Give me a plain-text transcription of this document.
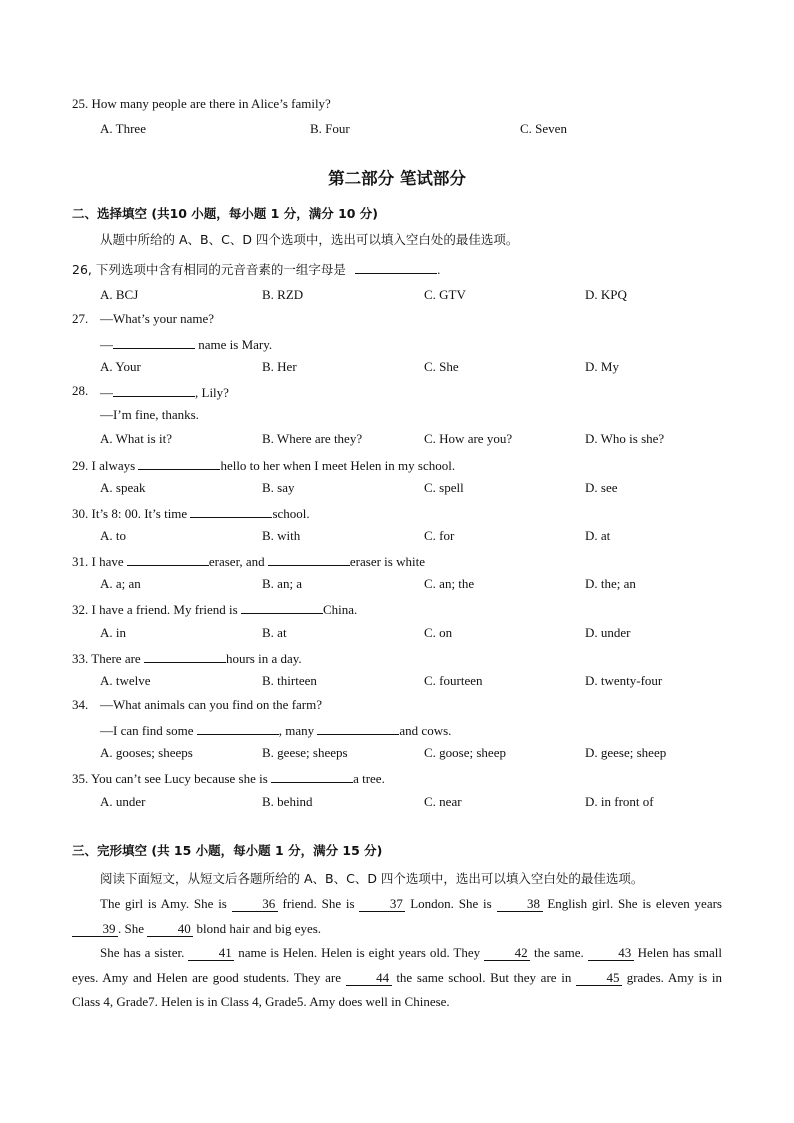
25. How many people are there in Alice’s family?
A. Three	B. Four	C. Seven
第二部分 笔试部分
二、选择填空 (共10 小题，每小题 1 分，满分 10 分)
从题中所给的 A、B、C、D 四个选项中，选出可以填入空白处的最佳选项。
26, 下列选项中含有相同的元音音素的一组字母是	.
A. BCJ	B. RZD	C. GTV	D. KPQ
27. —What’s your name?
—	name is Mary.
A. Your	B. Her	C. She	D. My
28. —	, Lily?
—I’m fine, thanks.
A. What is it?	B. Where are they?	C. How are you?	D. Who is she?
29. I always	hello to her when I meet Helen in my school.
A. speak	B. say	C. spell	D. see
30. It’s 8: 00. It’s time	school.
A. to	B. with	C. for	D. at
31. I have	eraser, and	eraser is white
A. a; an	B. an; a	C. an; the	D. the; an
32. I have a friend. My friend is	China.
A. in	B. at	C. on	D. under
33. There are	hours in a day.
A. twelve	B. thirteen	C. fourteen	D. twenty-four
34. —What animals can you find on the farm?
—I can find some	, many	and cows.
A. gooses; sheeps	B. geese; sheeps	C. goose; sheep	D. geese; sheep
35. You can’t see Lucy because she is	a tree.
A. under	B. behind	C. near	D. in front of
三、完形填空 (共 15 小题，每小题 1 分，满分 15 分)
阅读下面短文，从短文后各题所给的 A、B、C、D 四个选项中，选出可以填入空白处的最佳选项。
The girl is Amy. She is 36 friend. She is 37 London. She is 38 English girl. She is eleven years 39 . She 40 blond hair and big eyes.
She has a sister. 41 name is Helen. Helen is eight years old. They 42 the same. 43 Helen has small eyes. Amy and Helen are good students. They are 44 the same school. But they are in 45 grades. Amy is in Class 4, Grade7. Helen is in Class 4, Grade5. Amy does well in Chinese.
